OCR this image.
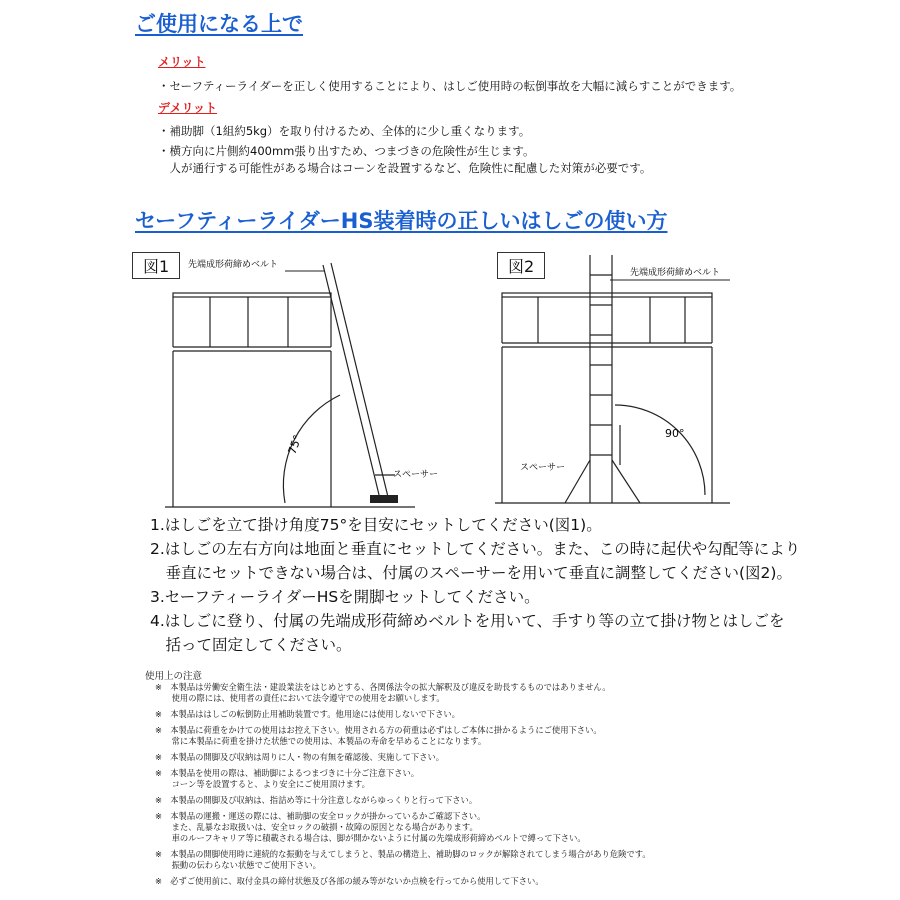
ご使用になる上で
メリット
・セーフティーライダーを正しく使用することにより、はしご使用時の転倒事故を大幅に減らすことができます。
デメリット
・補助脚（1組約5kg）を取り付けるため、全体的に少し重くなります。
・横方向に片側約400mm張り出すため、つまづきの危険性が生じます。
　人が通行する可能性がある場合はコーンを設置するなど、危険性に配慮した対策が必要です。
セーフティーライダーHS装着時の正しいはしごの使い方
先端成形荷締めベルト
スペーサー
75°
図1	先端成形荷締めベルト
スペーサー
90°
図2
1.はしごを立て掛け角度75°を目安にセットしてください(図1)。
2.はしごの左右方向は地面と垂直にセットしてください。また、この時に起伏や勾配等により
　垂直にセットできない場合は、付属のスペーサーを用いて垂直に調整してください(図2)。
3.セーフティーライダーHSを開脚セットしてください。
4.はしごに登り、付属の先端成形荷締めベルトを用いて、手すり等の立て掛け物とはしごを
　括って固定してください。
使用上の注意
※　本製品は労働安全衛生法・建設業法をはじめとする、各関係法令の拡大解釈及び違反を助長するものではありません。
　　使用の際には、使用者の責任において法令遵守での使用をお願いします。
※　本製品ははしごの転倒防止用補助装置です。他用途には使用しないで下さい。
※　本製品に荷重をかけての使用はお控え下さい。使用される方の荷重は必ずはしご本体に掛かるようにご使用下さい。
　　常に本製品に荷重を掛けた状態での使用は、本製品の寿命を早めることになります。
※　本製品の開脚及び収納は周りに人・物の有無を確認後、実施して下さい。
※　本製品を使用の際は、補助脚によるつまづきに十分ご注意下さい。
　　コーン等を設置すると、より安全にご使用頂けます。
※　本製品の開脚及び収納は、指詰め等に十分注意しながらゆっくりと行って下さい。
※　本製品の運搬・運送の際には、補助脚の安全ロックが掛かっているかご確認下さい。
　　また、乱暴なお取扱いは、安全ロックの破損・故障の原因となる場合があります。
　　車のルーフキャリア等に積載される場合は、脚が開かないように付属の先端成形荷締めベルトで縛って下さい。
※　本製品の開脚使用時に連続的な振動を与えてしまうと、製品の構造上、補助脚のロックが解除されてしまう場合があり危険です。
　　振動の伝わらない状態でご使用下さい。
※　必ずご使用前に、取付金具の締付状態及び各部の緩み等がないか点検を行ってから使用して下さい。
